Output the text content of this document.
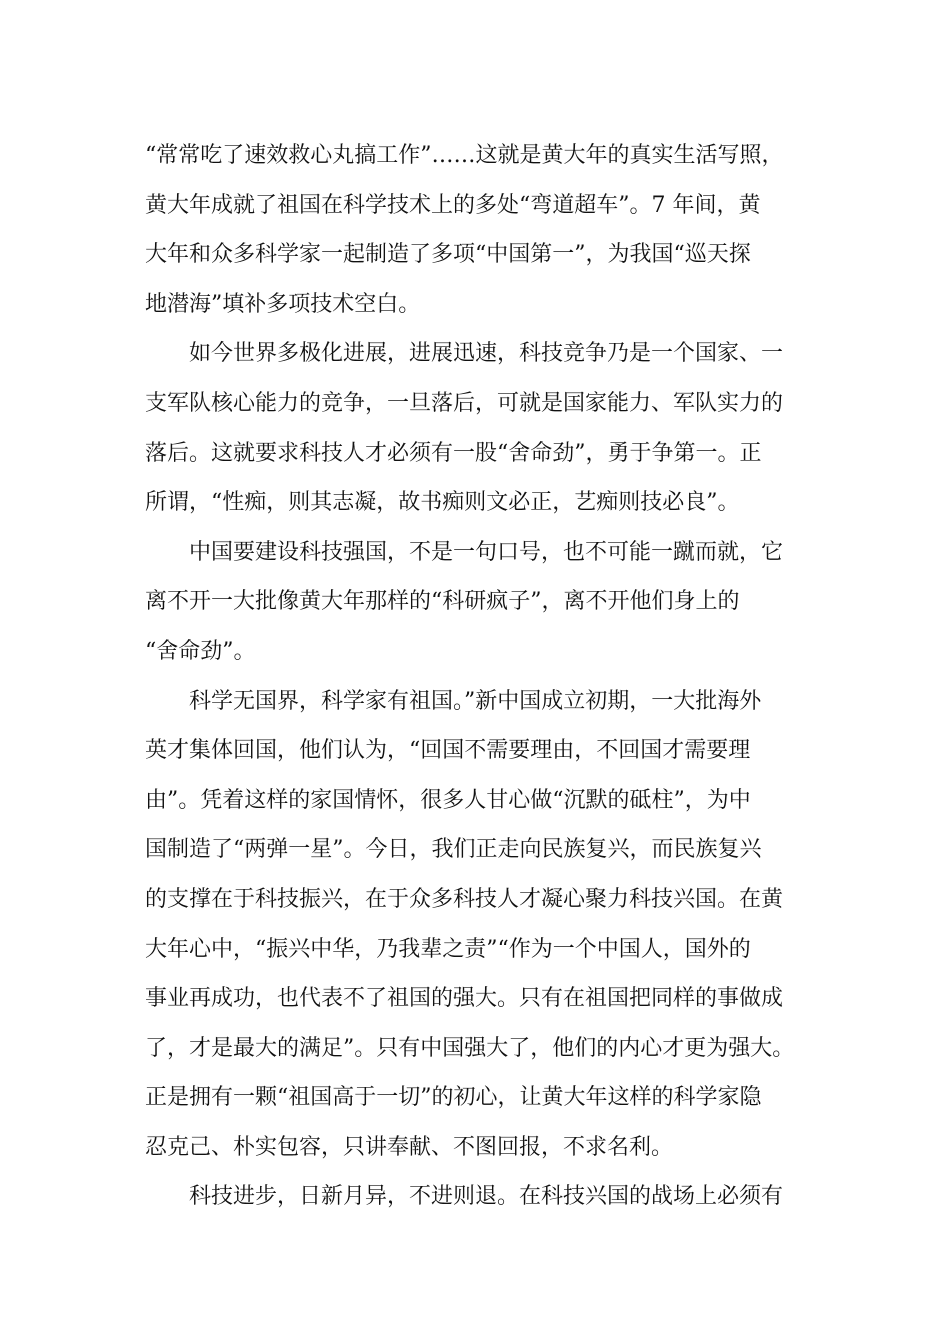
“常常吃了速效救心丸搞工作”……这就是黄大年的真实生活写照，
黄大年成就了祖国在科学技术上的多处“弯道超车”。7 年间，黄
大年和众多科学家一起制造了多项“中国第一”，为我国“巡天探
地潜海”填补多项技术空白。
如今世界多极化进展，进展迅速，科技竞争乃是一个国家、一
支军队核心能力的竞争，一旦落后，可就是国家能力、军队实力的
落后。这就要求科技人才必须有一股“舍命劲”，勇于争第一。正
所谓，“性痴，则其志凝，故书痴则文必正，艺痴则技必良”。
中国要建设科技强国，不是一句口号，也不可能一蹴而就，它
离不开一大批像黄大年那样的“科研疯子”，离不开他们身上的
“舍命劲”。
科学无国界，科学家有祖国。”新中国成立初期，一大批海外
英才集体回国，他们认为，“回国不需要理由，不回国才需要理
由”。凭着这样的家国情怀，很多人甘心做“沉默的砥柱”，为中
国制造了“两弹一星”。今日，我们正走向民族复兴，而民族复兴
的支撑在于科技振兴，在于众多科技人才凝心聚力科技兴国。在黄
大年心中，“振兴中华，乃我辈之责”“作为一个中国人，国外的
事业再成功，也代表不了祖国的强大。只有在祖国把同样的事做成
了，才是最大的满足”。只有中国强大了，他们的内心才更为强大。
正是拥有一颗“祖国高于一切”的初心，让黄大年这样的科学家隐
忍克己、朴实包容，只讲奉献、不图回报，不求名利。
科技进步，日新月异，不进则退。在科技兴国的战场上必须有
